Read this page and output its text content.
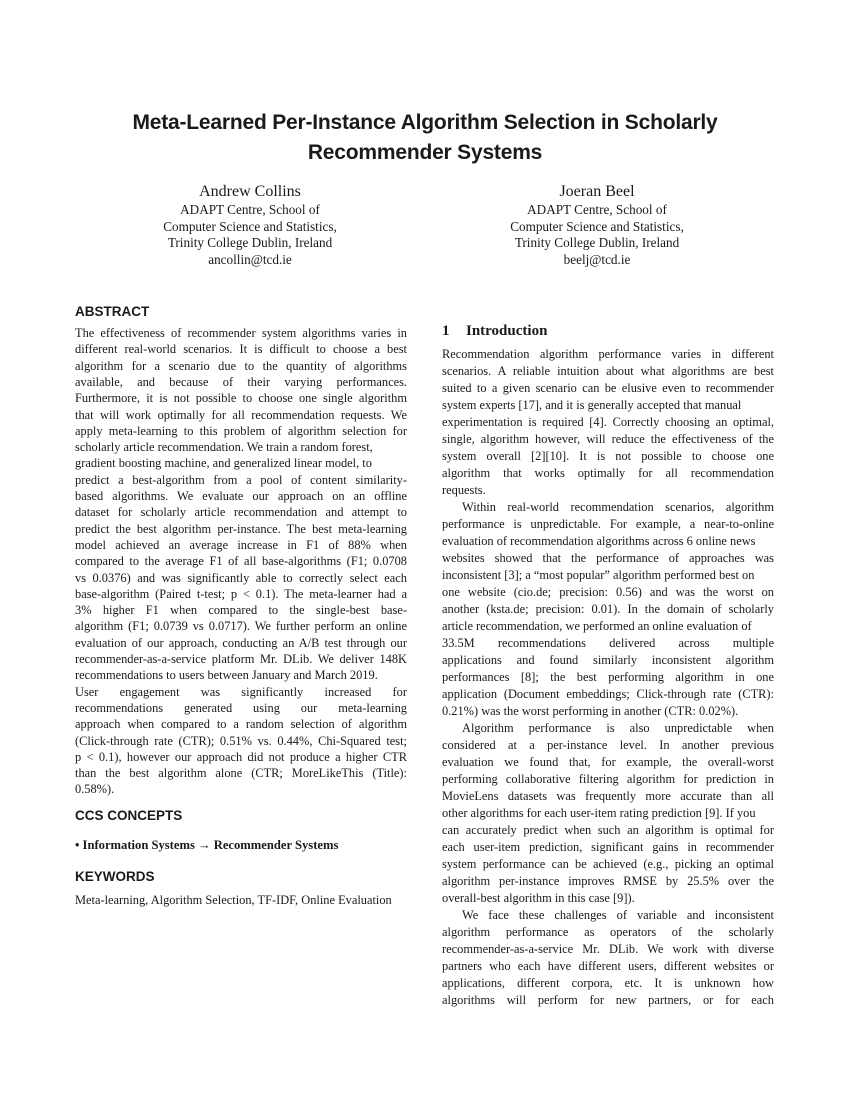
Meta-Learned Per-Instance Algorithm Selection in Scholarly
Recommender Systems
Andrew Collins
ADAPT Centre, School of
Computer Science and Statistics,
Trinity College Dublin, Ireland
ancollin@tcd.ie
Joeran Beel
ADAPT Centre, School of
Computer Science and Statistics,
Trinity College Dublin, Ireland
beelj@tcd.ie
ABSTRACT
The effectiveness of recommender system algorithms varies in
different real-world scenarios. It is difficult to choose a best
algorithm for a scenario due to the quantity of algorithms
available, and because of their varying performances.
Furthermore, it is not possible to choose one single algorithm
that will work optimally for all recommendation requests. We
apply meta-learning to this problem of algorithm selection for
scholarly article recommendation. We train a random forest,
gradient boosting machine, and generalized linear model, to
predict a best-algorithm from a pool of content similarity-
based algorithms. We evaluate our approach on an offline
dataset for scholarly article recommendation and attempt to
predict the best algorithm per-instance. The best meta-learning
model achieved an average increase in F1 of 88% when
compared to the average F1 of all base-algorithms (F1; 0.0708
vs 0.0376) and was significantly able to correctly select each
base-algorithm (Paired t-test; p < 0.1). The meta-learner had a
3% higher F1 when compared to the single-best base-
algorithm (F1; 0.0739 vs 0.0717). We further perform an online
evaluation of our approach, conducting an A/B test through our
recommender-as-a-service platform Mr. DLib. We deliver 148K
recommendations to users between January and March 2019.
User engagement was significantly increased for
recommendations generated using our meta-learning
approach when compared to a random selection of algorithm
(Click-through rate (CTR); 0.51% vs. 0.44%, Chi-Squared test;
p < 0.1), however our approach did not produce a higher CTR
than the best algorithm alone (CTR; MoreLikeThis (Title):
0.58%).
CCS CONCEPTS
• Information Systems → Recommender Systems
KEYWORDS
Meta-learning, Algorithm Selection, TF-IDF, Online Evaluation
1 Introduction
Recommendation algorithm performance varies in different
scenarios. A reliable intuition about what algorithms are best
suited to a given scenario can be elusive even to recommender
system experts [17], and it is generally accepted that manual
experimentation is required [4]. Correctly choosing an optimal,
single, algorithm however, will reduce the effectiveness of the
system overall [2][10]. It is not possible to choose one
algorithm that works optimally for all recommendation
requests.
Within real-world recommendation scenarios, algorithm
performance is unpredictable. For example, a near-to-online
evaluation of recommendation algorithms across 6 online news
websites showed that the performance of approaches was
inconsistent [3]; a “most popular” algorithm performed best on
one website (cio.de; precision: 0.56) and was the worst on
another (ksta.de; precision: 0.01). In the domain of scholarly
article recommendation, we performed an online evaluation of
33.5M recommendations delivered across multiple
applications and found similarly inconsistent algorithm
performances [8]; the best performing algorithm in one
application (Document embeddings; Click-through rate (CTR):
0.21%) was the worst performing in another (CTR: 0.02%).
Algorithm performance is also unpredictable when
considered at a per-instance level. In another previous
evaluation we found that, for example, the overall-worst
performing collaborative filtering algorithm for prediction in
MovieLens datasets was frequently more accurate than all
other algorithms for each user-item rating prediction [9]. If you
can accurately predict when such an algorithm is optimal for
each user-item prediction, significant gains in recommender
system performance can be achieved (e.g., picking an optimal
algorithm per-instance improves RMSE by 25.5% over the
overall-best algorithm in this case [9]).
We face these challenges of variable and inconsistent
algorithm performance as operators of the scholarly
recommender-as-a-service Mr. DLib. We work with diverse
partners who each have different users, different websites or
applications, different corpora, etc. It is unknown how
algorithms will perform for new partners, or for each
